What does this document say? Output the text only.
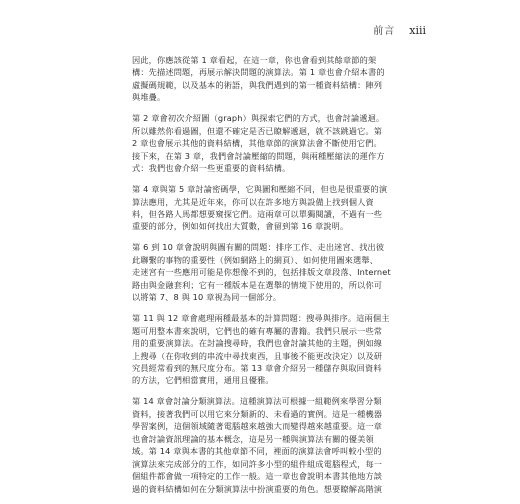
前言 xiii

因此，你應該從第 1 章看起，在這一章，你也會看到其餘章節的架
構：先描述問題，再展示解決問題的演算法。第 1 章也會介紹本書的
虛擬碼規範，以及基本的術語，與我們遇到的第一種資料結構：陣列
與堆疊。

第 2 章會初次介紹圖（graph）與探索它們的方式，也會討論遞迴。
所以雖然你看過圖，但還不確定是否已瞭解遞迴，就不該跳過它。第
2 章也會展示其他的資料結構，其他章節的演算法會不斷使用它們。
接下來，在第 3 章，我們會討論壓縮的問題，與兩種壓縮法的運作方
式：我們也會介紹一些更重要的資料結構。

第 4 章與第 5 章討論密碼學，它與圖和壓縮不同，但也是很重要的演
算法應用，尤其是近年來，你可以在許多地方與設備上找到個人資
料，但各路人馬都想要窺探它們。這兩章可以單獨閱讀，不過有一些
重要的部分，例如如何找出大質數，會留到第 16 章說明。

第 6 到 10 章會說明與圖有關的問題：排序工作、走出迷宮、找出彼
此聯繫的事物的重要性（例如網路上的網頁）、如何使用圖來選舉、
走迷宮有一些應用可能是你想像不到的，包括排版文章段落、Internet
路由與金融套利；它有一種版本是在選舉的情境下使用的，所以你可
以將第 7、8 與 10 章視為同一個部分。

第 11 與 12 章會處理兩種最基本的計算問題：搜尋與排序。這兩個主
題可用整本書來說明，它們也的確有專屬的書籍。我們只展示一些常
用的重要演算法。在討論搜尋時，我們也會討論其他的主題，例如線
上搜尋（在你收到的串流中尋找東西，且事後不能更改決定）以及研
究員經常看到的無尺度分布。第 13 章會介紹另一種儲存與取回資料
的方法，它們相當實用，通用且優雅。

第 14 章會討論分類演算法。這種演算法可根據一組範例來學習分類
資料，接著我們可以用它來分類新的、未看過的實例。這是一種機器
學習案例，這個領域隨著電腦越來越強大而變得越來越重要。這一章
也會討論資訊理論的基本概念，這是另一種與演算法有關的優美領
域。第 14 章與本書的其他章節不同，裡面的演算法會呼叫較小型的
演算法來完成部分的工作，如同許多小型的組件組成電腦程式，每一
個組件都會做一項特定的工作一般。這一章也會說明本書其他地方談
過的資料結構如何在分類演算法中扮演重要的角色。想要瞭解高階演
